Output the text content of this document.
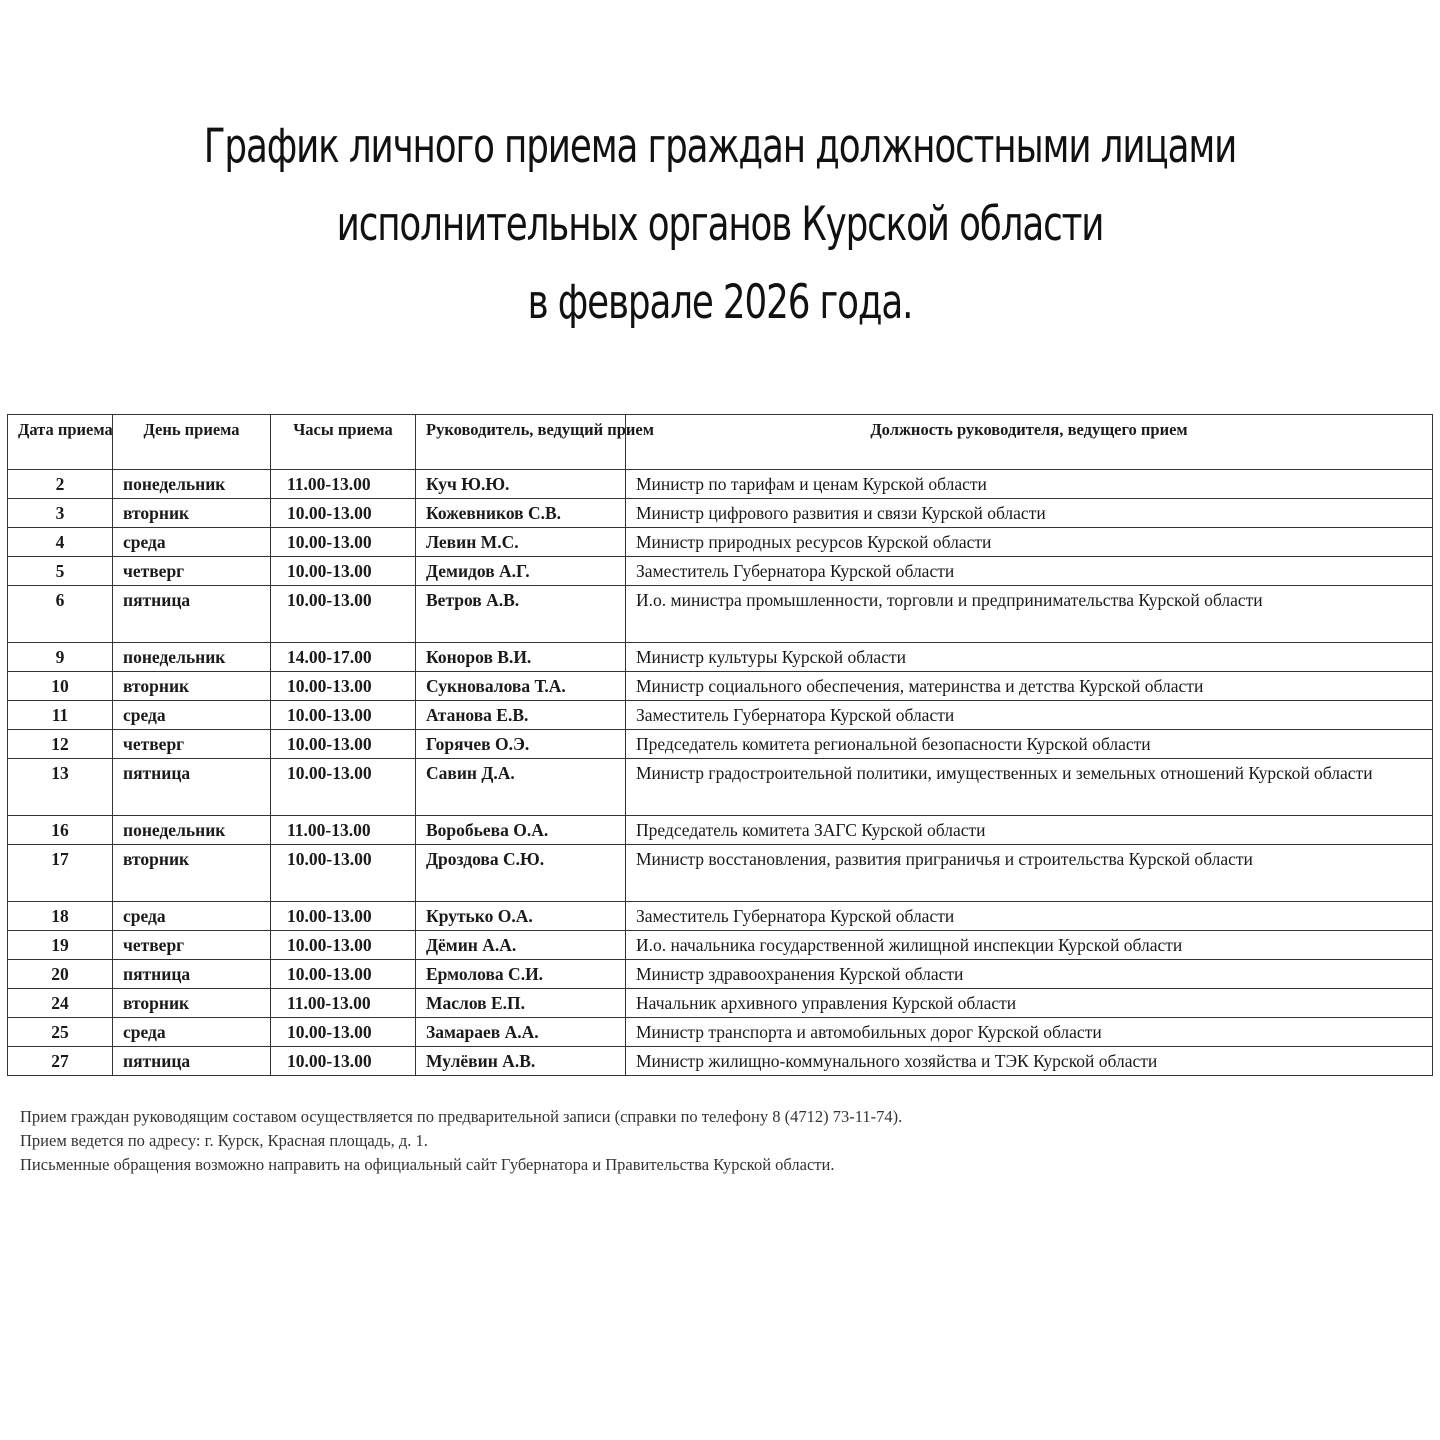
График личного приема граждан должностными лицами
исполнительных органов Курской области
в феврале 2026 года.
Дата приема	День приема	Часы приема	Руководитель, ведущий прием	Должность руководителя, ведущего прием
2	понедельник	11.00-13.00	Куч Ю.Ю.	Министр по тарифам и ценам Курской области
3	вторник	10.00-13.00	Кожевников С.В.	Министр цифрового развития и связи Курской области
4	среда	10.00-13.00	Левин М.С.	Министр природных ресурсов Курской области
5	четверг	10.00-13.00	Демидов А.Г.	Заместитель Губернатора Курской области
6	пятница	10.00-13.00	Ветров А.В.	И.о. министра промышленности, торговли и предпринимательства Курской области
9	понедельник	14.00-17.00	Коноров В.И.	Министр культуры Курской области
10	вторник	10.00-13.00	Сукновалова Т.А.	Министр социального обеспечения, материнства и детства Курской области
11	среда	10.00-13.00	Атанова Е.В.	Заместитель Губернатора Курской области
12	четверг	10.00-13.00	Горячев О.Э.	Председатель комитета региональной безопасности Курской области
13	пятница	10.00-13.00	Савин Д.А.	Министр градостроительной политики, имущественных и земельных отношений Курской области
16	понедельник	11.00-13.00	Воробьева О.А.	Председатель комитета ЗАГС Курской области
17	вторник	10.00-13.00	Дроздова С.Ю.	Министр восстановления, развития приграничья и строительства Курской области
18	среда	10.00-13.00	Крутько О.А.	Заместитель Губернатора Курской области
19	четверг	10.00-13.00	Дёмин А.А.	И.о. начальника государственной жилищной инспекции Курской области
20	пятница	10.00-13.00	Ермолова С.И.	Министр здравоохранения Курской области
24	вторник	11.00-13.00	Маслов Е.П.	Начальник архивного управления Курской области
25	среда	10.00-13.00	Замараев А.А.	Министр транспорта и автомобильных дорог Курской области
27	пятница	10.00-13.00	Мулёвин А.В.	Министр жилищно-коммунального хозяйства и ТЭК Курской области
Прием граждан руководящим составом осуществляется по предварительной записи (справки по телефону 8 (4712) 73-11-74).
Прием ведется по адресу: г. Курск, Красная площадь, д. 1.
Письменные обращения возможно направить на официальный сайт Губернатора и Правительства Курской области.
